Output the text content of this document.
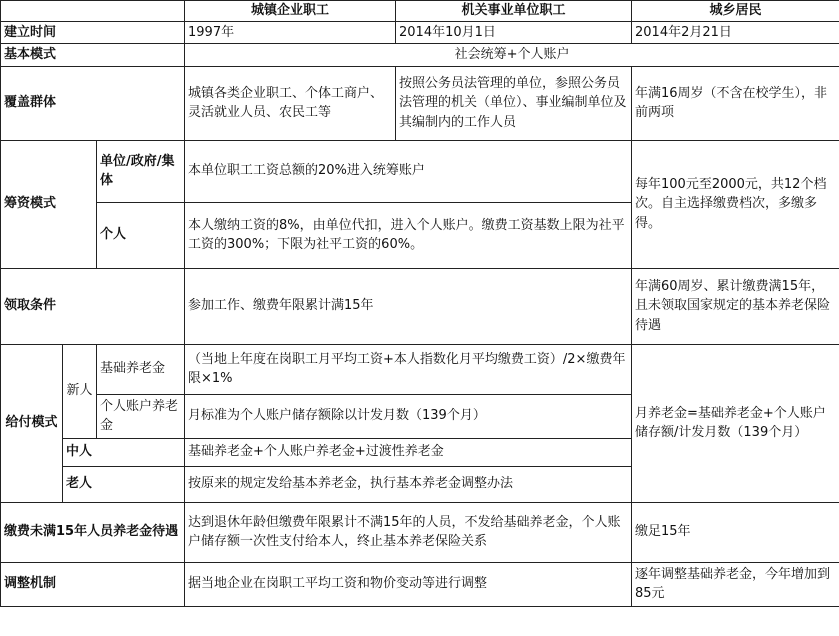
			城镇企业职工	机关事业单位职工	城乡居民
建立时间			1997年	2014年10月1日	2014年2月21日
基本模式			社会统筹+个人账户		
覆盖群体			城镇各类企业职工、个体工商户、灵活就业人员、农民工等	按照公务员法管理的单位，参照公务员法管理的机关（单位）、事业编制单位及其编制内的工作人员	年满16周岁（不含在校学生），非前两项
筹资模式		单位/政府/集体	本单位职工工资总额的20%进入统筹账户		每年100元至2000元，共12个档次。自主选择缴费档次，多缴多得。
		个人	本人缴纳工资的8%，由单位代扣，进入个人账户。缴费工资基数上限为社平工资的300%；下限为社平工资的60%。		
领取条件			参加工作、缴费年限累计满15年		年满60周岁、累计缴费满15年，且未领取国家规定的基本养老保险待遇
给付模式	新人	基础养老金	（当地上年度在岗职工月平均工资+本人指数化月平均缴费工资）/2×缴费年限×1%		月养老金=基础养老金+个人账户储存额/计发月数（139个月）
		个人账户养老金	月标准为个人账户储存额除以计发月数（139个月）		
	中人		基础养老金+个人账户养老金+过渡性养老金		
	老人		按原来的规定发给基本养老金，执行基本养老金调整办法		
缴费未满15年人员养老金待遇			达到退休年龄但缴费年限累计不满15年的人员，不发给基础养老金，个人账户储存额一次性支付给本人，终止基本养老保险关系		缴足15年
调整机制			据当地企业在岗职工平均工资和物价变动等进行调整		逐年调整基础养老金，今年增加到85元
